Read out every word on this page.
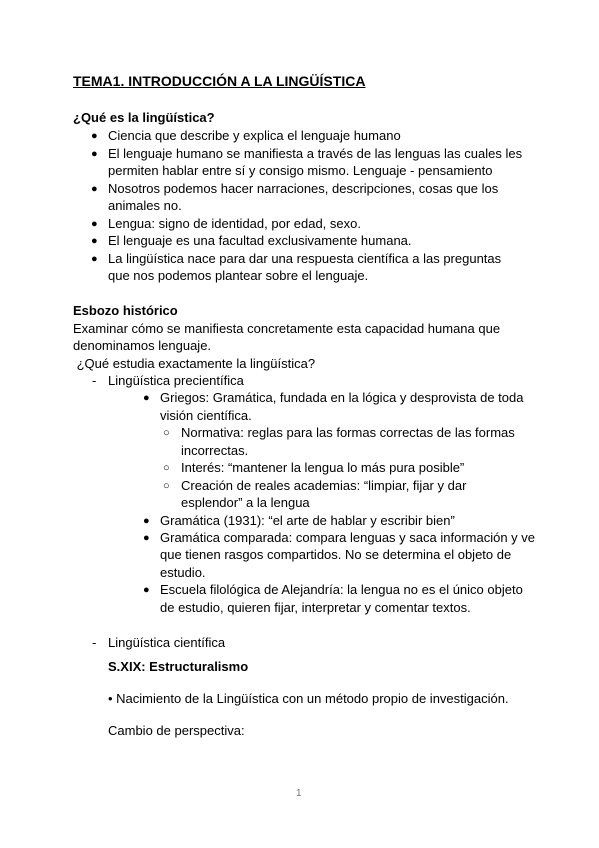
TEMA1. INTRODUCCIÓN A LA LINGÜÍSTICA

¿Qué es la lingüística?

● Ciencia que describe y explica el lenguaje humano

● El lenguaje humano se manifiesta a través de las lenguas las cuales les

permiten hablar entre sí y consigo mismo. Lenguaje - pensamiento

● Nosotros podemos hacer narraciones, descripciones, cosas que los

animales no.

● Lengua: signo de identidad, por edad, sexo.

● El lenguaje es una facultad exclusivamente humana.

● La lingüística nace para dar una respuesta científica a las preguntas

que nos podemos plantear sobre el lenguaje.

Esbozo histórico

Examinar cómo se manifiesta concretamente esta capacidad humana que

denominamos lenguaje.

¿Qué estudia exactamente la lingüística?

- Lingüística precientífica

● Griegos: Gramática, fundada en la lógica y desprovista de toda

visión científica.

○ Normativa: reglas para las formas correctas de las formas

incorrectas.

○ Interés: “mantener la lengua lo más pura posible”

○ Creación de reales academias: “limpiar, fijar y dar

esplendor” a la lengua

● Gramática (1931): “el arte de hablar y escribir bien”

● Gramática comparada: compara lenguas y saca información y ve

que tienen rasgos compartidos. No se determina el objeto de

estudio.

● Escuela filológica de Alejandría: la lengua no es el único objeto

de estudio, quieren fijar, interpretar y comentar textos.

- Lingüística científica

S.XIX: Estructuralismo

• Nacimiento de la Lingüística con un método propio de investigación.

Cambio de perspectiva:

1
